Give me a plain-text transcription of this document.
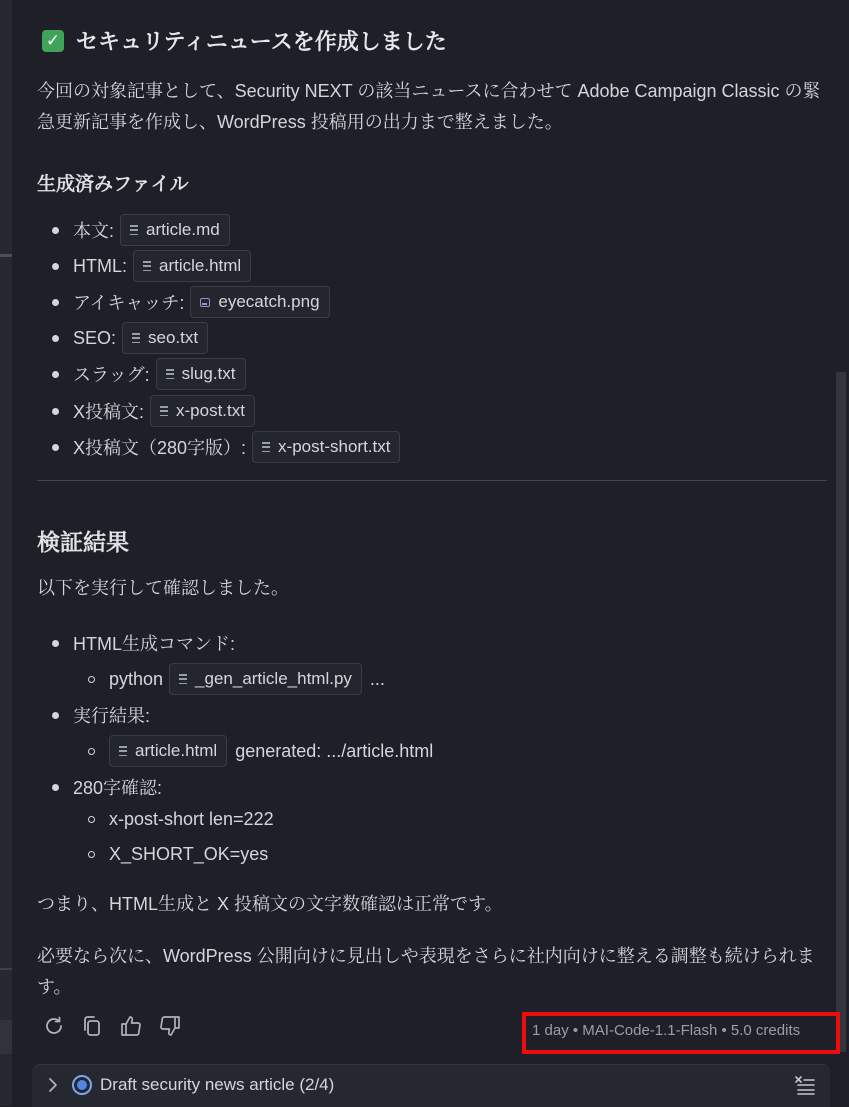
✓ セキュリティニュースを作成しました
今回の対象記事として、Security NEXT の該当ニュースに合わせて Adobe Campaign Classic の緊急更新記事を作成し、WordPress 投稿用の出力まで整えました。
生成済みファイル
本文: article.md
HTML: article.html
アイキャッチ: eyecatch.png
SEO: seo.txt
スラッグ: slug.txt
X投稿文: x-post.txt
X投稿文（280字版）: x-post-short.txt
検証結果
以下を実行して確認しました。
HTML生成コマンド:
python _gen_article_html.py ...
実行結果:
article.html generated: .../article.html
280字確認:
x-post-short len=222
X_SHORT_OK=yes
つまり、HTML生成と X 投稿文の文字数確認は正常です。
必要なら次に、WordPress 公開向けに見出しや表現をさらに社内向けに整える調整も続けられます。
1 day • MAI-Code-1.1-Flash • 5.0 credits
Draft security news article (2/4)
